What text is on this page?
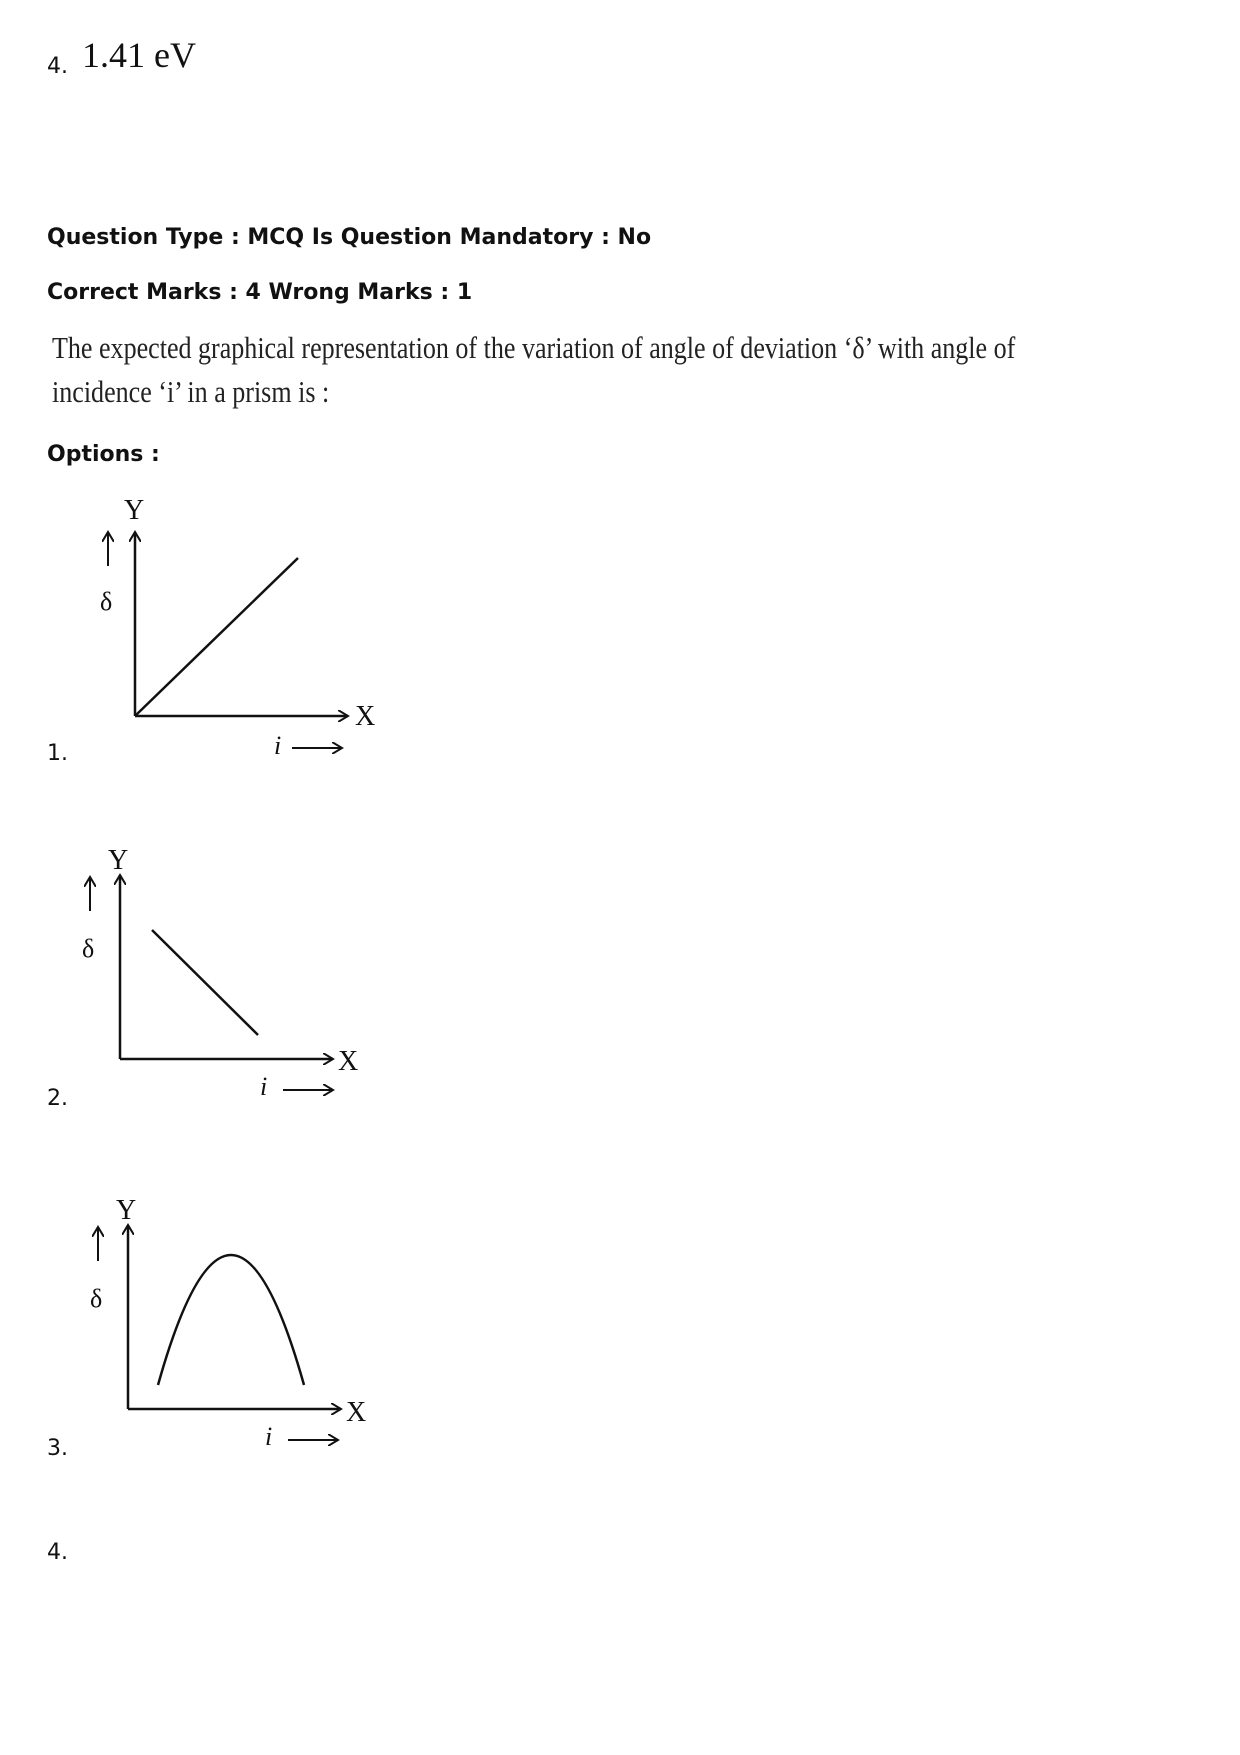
4. 1.41 eV
Question Type : MCQ Is Question Mandatory : No
Correct Marks : 4 Wrong Marks : 1
The expected graphical representation of the variation of angle of deviation ‘δ’ with angle of
incidence ‘i’ in a prism is :
Options :
1.
Y
X
δ
i
2.
Y
X
δ
i
3.
Y
X
δ
i
4.
